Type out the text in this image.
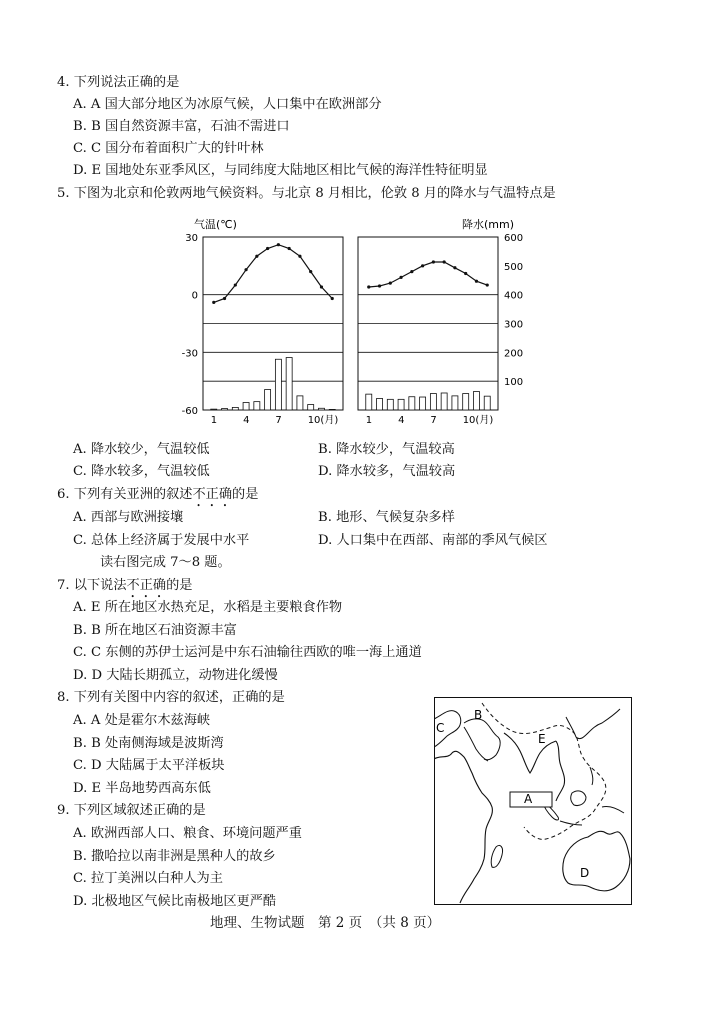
4. 下列说法正确的是
A. A 国大部分地区为冰原气候，人口集中在欧洲部分
B. B 国自然资源丰富，石油不需进口
C. C 国分布着面积广大的针叶林
D. E 国地处东亚季风区，与同纬度大陆地区相比气候的海洋性特征明显
5. 下图为北京和伦敦两地气候资料。与北京 8 月相比，伦敦 8 月的降水与气温特点是
气温(℃)
30
0
-30
-60
1	4	7	10(月)
降水(mm)
600
500
400
300
200
100
1	4	7	10(月)
A. 降水较少，气温较低	B. 降水较少，气温较高
C. 降水较多，气温较低	D. 降水较多，气温较高
6. 下列有关亚洲的叙述不正确的是
A. 西部与欧洲接壤	B. 地形、气候复杂多样
C. 总体上经济属于发展中水平	D. 人口集中在西部、南部的季风气候区
读右图完成 7～8 题。
7. 以下说法不正确的是
A. E 所在地区水热充足，水稻是主要粮食作物
B. B 所在地区石油资源丰富
C. C 东侧的苏伊士运河是中东石油输往西欧的唯一海上通道
D. D 大陆长期孤立，动物进化缓慢
8. 下列有关图中内容的叙述，正确的是
A. A 处是霍尔木兹海峡
B. B 处南侧海域是波斯湾
C. D 大陆属于太平洋板块
D. E 半岛地势西高东低
9. 下列区域叙述正确的是
A. 欧洲西部人口、粮食、环境问题严重
B. 撒哈拉以南非洲是黑种人的故乡
C. 拉丁美洲以白种人为主
D. 北极地区气候比南极地区更严酷
A
B
C
D
E
地理、生物试题　第 2 页　（共 8 页）
